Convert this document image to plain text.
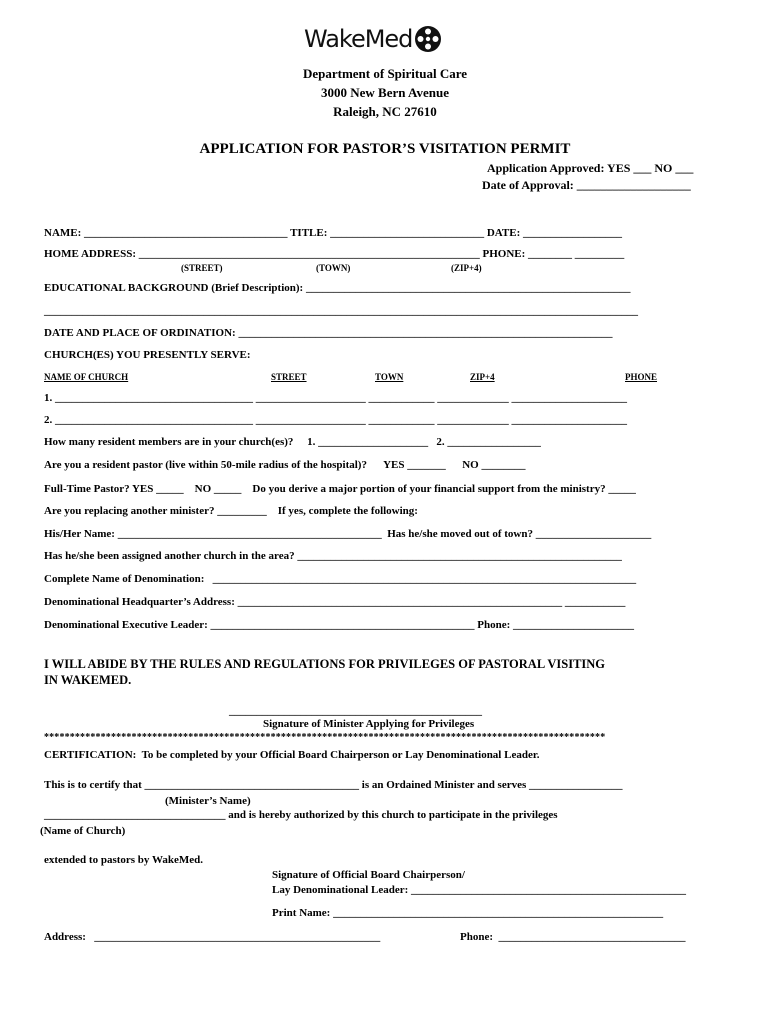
WakeMed
Department of Spiritual Care
3000 New Bern Avenue
Raleigh, NC 27610
APPLICATION FOR PASTOR’S VISITATION PERMIT
Application Approved: YES ___ NO ___
Date of Approval: ___________________
NAME: _____________________________________ TITLE: ____________________________ DATE: __________________
HOME ADDRESS: ______________________________________________________________ PHONE: ________ _________
(STREET)	(TOWN)	(ZIP+4)
EDUCATIONAL BACKGROUND (Brief Description): ___________________________________________________________
____________________________________________________________________________________________________________
DATE AND PLACE OF ORDINATION: ____________________________________________________________________
CHURCH(ES) YOU PRESENTLY SERVE:
NAME OF CHURCH	STREET	TOWN	ZIP+4	PHONE
1. ____________________________________ ____________________ ____________ _____________ _____________________
2. ____________________________________ ____________________ ____________ _____________ _____________________
How many resident members are in your church(es)?     1. ____________________   2. _________________
Are you a resident pastor (live within 50-mile radius of the hospital)?      YES _______      NO ________
Full-Time Pastor? YES _____    NO _____    Do you derive a major portion of your financial support from the ministry? _____
Are you replacing another minister? _________    If yes, complete the following:
His/Her Name: ________________________________________________  Has he/she moved out of town? _____________________
Has he/she been assigned another church in the area? ___________________________________________________________
Complete Name of Denomination:   _____________________________________________________________________________
Denominational Headquarter’s Address: ___________________________________________________________ ___________
Denominational Executive Leader: ________________________________________________ Phone: ______________________
I WILL ABIDE BY THE RULES AND REGULATIONS FOR PRIVILEGES OF PASTORAL VISITING
IN WAKEMED.
______________________________________________
Signature of Minister Applying for Privileges
*************************************************************************************************************
CERTIFICATION:  To be completed by your Official Board Chairperson or Lay Denominational Leader.
This is to certify that _______________________________________ is an Ordained Minister and serves _________________
(Minister’s Name)
_________________________________ and is hereby authorized by this church to participate in the privileges
(Name of Church)
extended to pastors by WakeMed.
Signature of Official Board Chairperson/
Lay Denominational Leader: __________________________________________________
Print Name: ____________________________________________________________
Address:   ____________________________________________________	Phone:  __________________________________
